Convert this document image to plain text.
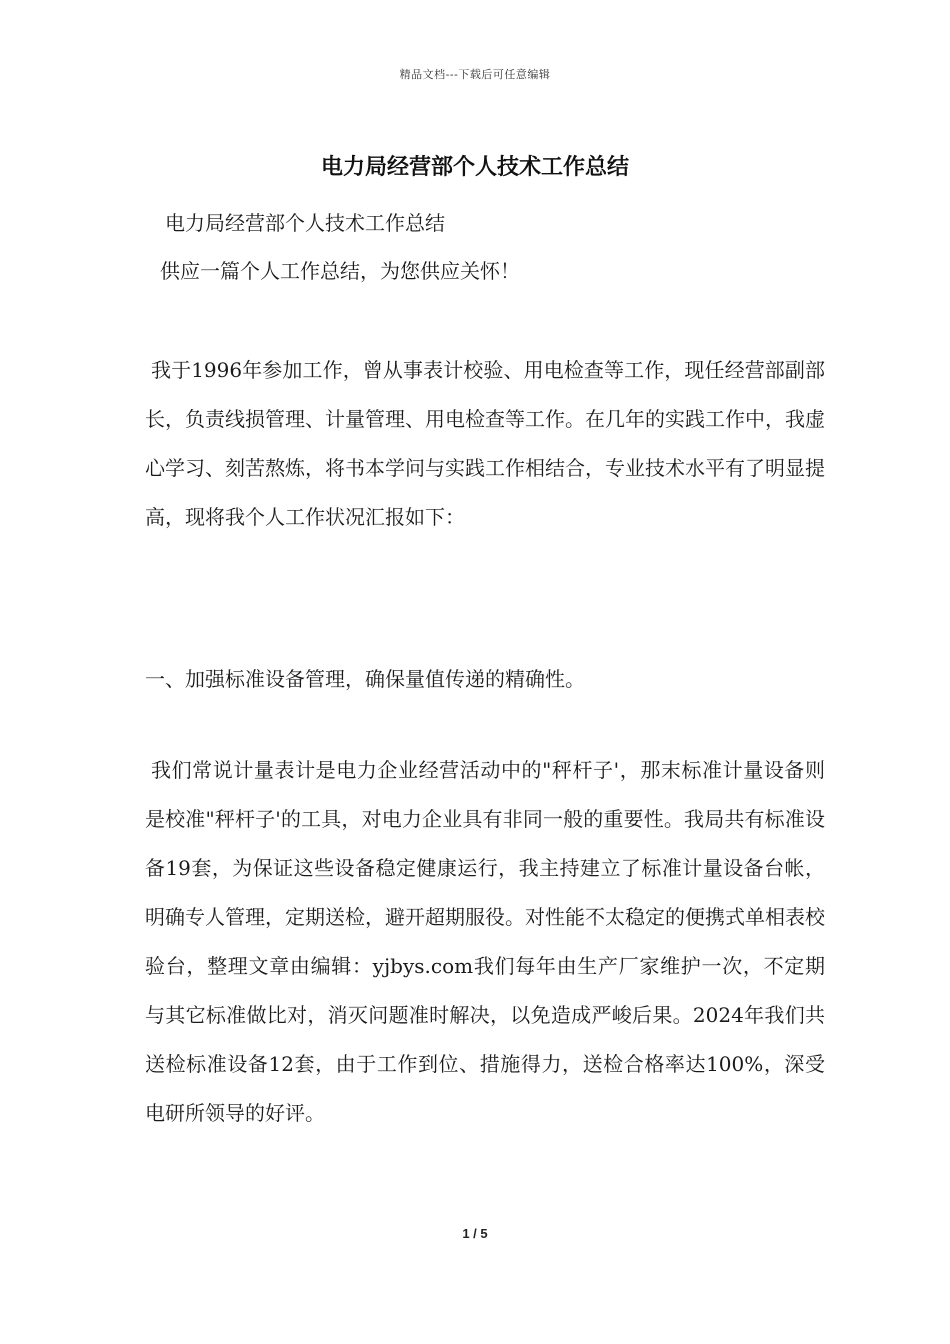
精品文档---下载后可任意编辑
电力局经营部个人技术工作总结
电力局经营部个人技术工作总结
供应一篇个人工作总结，为您供应关怀！

我于1996年参加工作，曾从事表计校验、用电检查等工作，现任经营部副部长，负责线损管理、计量管理、用电检查等工作。在几年的实践工作中，我虚心学习、刻苦熬炼，将书本学问与实践工作相结合，专业技术水平有了明显提高，现将我个人工作状况汇报如下：

一、加强标准设备管理，确保量值传递的精确性。

我们常说计量表计是电力企业经营活动中的"秤杆子'，那末标准计量设备则是校准"秤杆子'的工具，对电力企业具有非同一般的重要性。我局共有标准设备19套，为保证这些设备稳定健康运行，我主持建立了标准计量设备台帐，明确专人管理，定期送检，避开超期服役。对性能不太稳定的便携式单相表校验台，整理文章由编辑：yjbys.com我们每年由生产厂家维护一次，不定期与其它标准做比对，消灭问题准时解决，以免造成严峻后果。2024年我们共送检标准设备12套，由于工作到位、措施得力，送检合格率达100%，深受电研所领导的好评。

1 / 5
